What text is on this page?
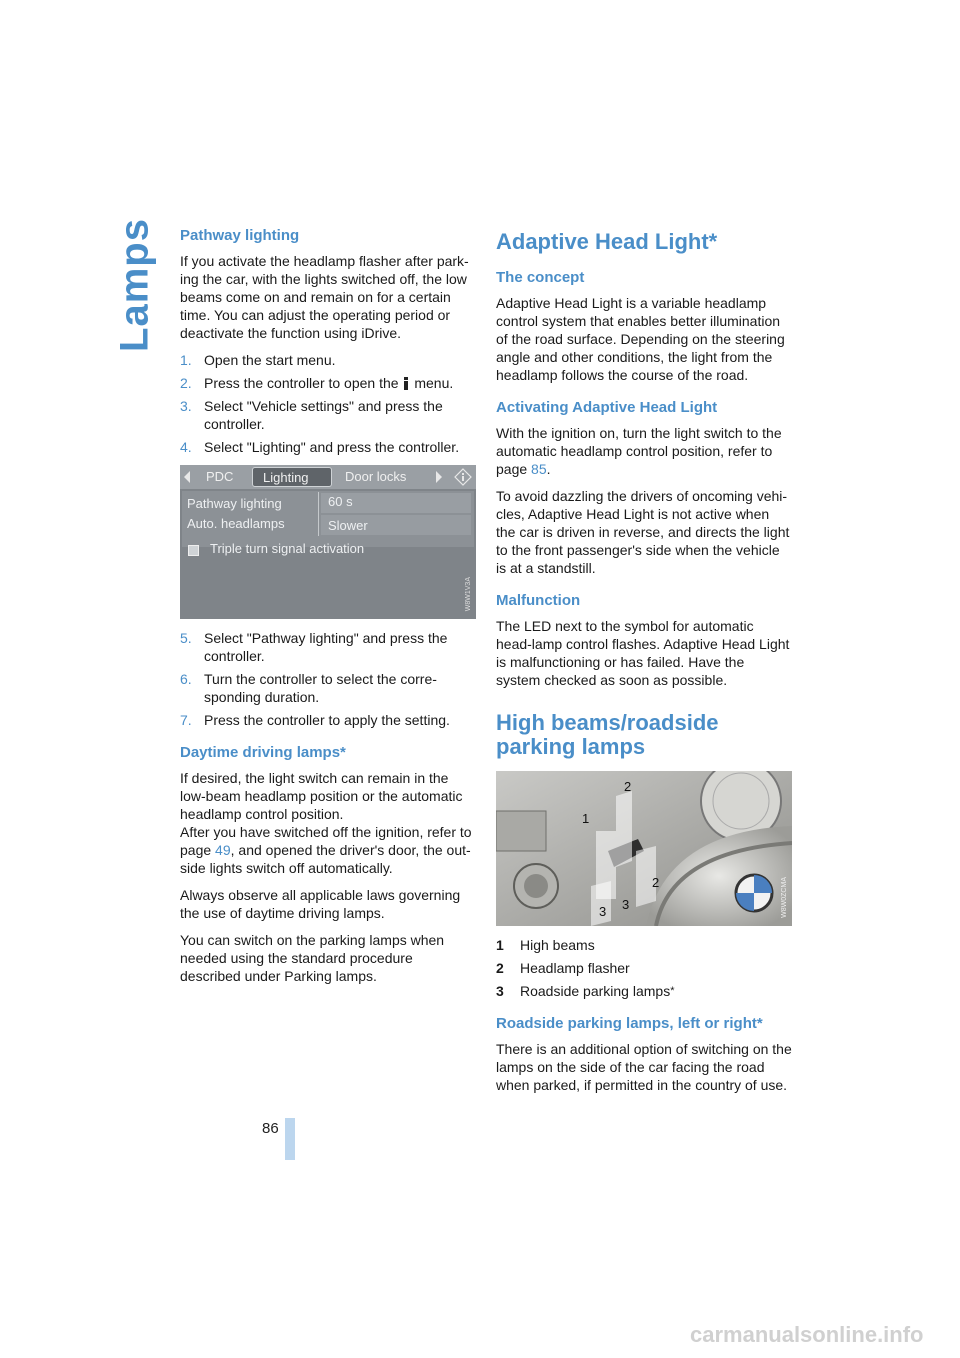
Lamps Pathway lighting

If you activate the headlamp flasher after park-ing the car, with the lights switched off, the low beams come on and remain on for a certain time. You can adjust the operating period or deactivate the function using iDrive.

1. Open the start menu.
2. Press the controller to open the  menu.
3. Select "Vehicle settings" and press the controller.
4. Select "Lighting" and press the controller.
PDC	Lighting	Door locks
Pathway lighting	60 s
Auto. headlamps	Slower
Triple turn signal activation
W8W1V3A
5. Select "Pathway lighting" and press the controller.
6. Turn the controller to select the corre-sponding duration.
7. Press the controller to apply the setting.
Daytime driving lamps*

If desired, the light switch can remain in the low-beam headlamp position or the automatic headlamp control position.

After you have switched off the ignition, refer to page 49, and opened the driver's door, the out-side lights switch off automatically.

Always observe all applicable laws governing the use of daytime driving lamps.

You can switch on the parking lamps when needed using the standard procedure described under Parking lamps.

Adaptive Head Light*
The concept

Adaptive Head Light is a variable headlamp control system that enables better illumination of the road surface. Depending on the steering angle and other conditions, the light from the headlamp follows the course of the road.

Activating Adaptive Head Light

With the ignition on, turn the light switch to the automatic headlamp control position, refer to page 85.

To avoid dazzling the drivers of oncoming vehi-cles, Adaptive Head Light is not active when the car is driven in reverse, and directs the light to the front passenger's side when the vehicle is at a standstill.

Malfunction

The LED next to the symbol for automatic head-lamp control flashes. Adaptive Head Light is malfunctioning or has failed. Have the system checked as soon as possible.

High beams/roadside parking lamps
1
2
3
2
3	W8W0ZCMA
1 High beams
2 Headlamp flasher
3 Roadside parking lamps*
Roadside parking lamps, left or right*

There is an additional option of switching on the lamps on the side of the car facing the road when parked, if permitted in the country of use.

86
carmanualsonline.info
